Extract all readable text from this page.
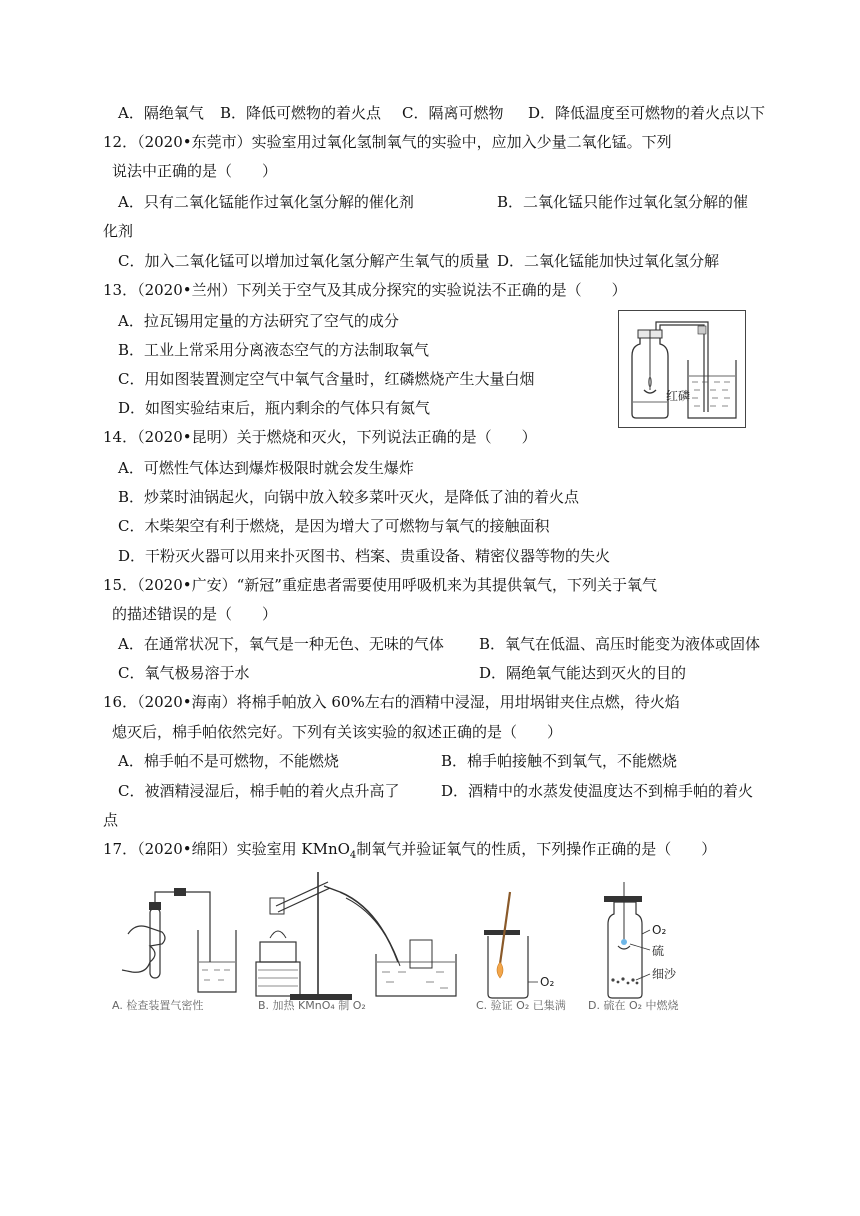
A．隔绝氧气 B．降低可燃物的着火点 C．隔离可燃物 D．降低温度至可燃物的着火点以下
12．（2020•东莞市）实验室用过氧化氢制氧气的实验中，应加入少量二氧化锰。下列
说法中正确的是（　　）
A．只有二氧化锰能作过氧化氢分解的催化剂	B．二氧化锰只能作过氧化氢分解的催
化剂
C．加入二氧化锰可以增加过氧化氢分解产生氧气的质量 D．二氧化锰能加快过氧化氢分解
13．（2020•兰州）下列关于空气及其成分探究的实验说法不正确的是（　　）
A．拉瓦锡用定量的方法研究了空气的成分
B．工业上常采用分离液态空气的方法制取氧气
C．用如图装置测定空气中氧气含量时，红磷燃烧产生大量白烟
D．如图实验结束后，瓶内剩余的气体只有氮气
红磷
14．（2020•昆明）关于燃烧和灭火，下列说法正确的是（　　）
A．可燃性气体达到爆炸极限时就会发生爆炸
B．炒菜时油锅起火，向锅中放入较多菜叶灭火，是降低了油的着火点
C．木柴架空有利于燃烧，是因为增大了可燃物与氧气的接触面积
D．干粉灭火器可以用来扑灭图书、档案、贵重设备、精密仪器等物的失火
15．（2020•广安）“新冠”重症患者需要使用呼吸机来为其提供氧气，下列关于氧气
的描述错误的是（　　）
A．在通常状况下，氧气是一种无色、无味的气体 B．氧气在低温、高压时能变为液体或固体
C．氧气极易溶于水	D．隔绝氧气能达到灭火的目的
16．（2020•海南）将棉手帕放入 60%左右的酒精中浸湿，用坩埚钳夹住点燃，待火焰
熄灭后，棉手帕依然完好。下列有关该实验的叙述正确的是（　　）
A．棉手帕不是可燃物，不能燃烧	B．棉手帕接触不到氧气，不能燃烧
C．被酒精浸湿后，棉手帕的着火点升高了	D．酒精中的水蒸发使温度达不到棉手帕的着火
点
17．（2020•绵阳）实验室用 KMnO$_4$制氧气并验证氧气的性质，下列操作正确的是（　　）
A. 检查装置气密性	B. 加热 KMnO₄ 制 O₂
O₂
C. 验证 O₂ 已集满
O₂
硫
细沙
D. 硫在 O₂ 中燃烧
